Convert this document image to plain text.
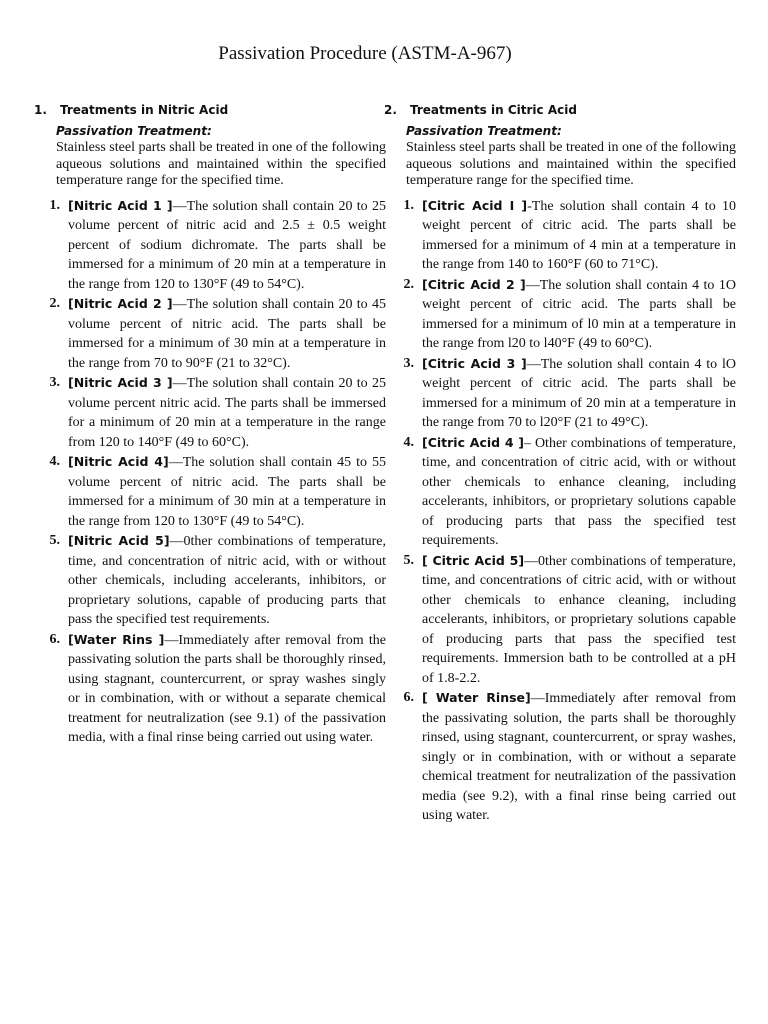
Passivation Procedure (ASTM-A-967)
1. Treatments in Nitric Acid
Passivation Treatment:
Stainless steel parts shall be treated in one of the following aqueous solutions and maintained within the specified temperature range for the specified time.
1. [Nitric Acid 1 ]—The solution shall contain 20 to 25 volume percent of nitric acid and 2.5 ± 0.5 weight percent of sodium dichromate. The parts shall be immersed for a minimum of 20 min at a temperature in the range from 120 to 130°F (49 to 54°C).
2. [Nitric Acid 2 ]—The solution shall contain 20 to 45 volume percent of nitric acid. The parts shall be immersed for a minimum of 30 min at a temperature in the range from 70 to 90°F (21 to 32°C).
3. [Nitric Acid 3 ]—The solution shall contain 20 to 25 volume percent nitric acid. The parts shall be immersed for a minimum of 20 min at a temperature in the range from 120 to 140°F (49 to 60°C).
4. [Nitric Acid 4]—The solution shall contain 45 to 55 volume percent of nitric acid. The parts shall be immersed for a minimum of 30 min at a temperature in the range from 120 to 130°F (49 to 54°C).
5. [Nitric Acid 5]—0ther combinations of temperature, time, and concentration of nitric acid, with or without other chemicals, including accelerants, inhibitors, or proprietary solutions, capable of producing parts that pass the specified test requirements.
6. [Water Rins ]—Immediately after removal from the passivating solution the parts shall be thoroughly rinsed, using stagnant, countercurrent, or spray washes singly or in combination, with or without a separate chemical treatment for neutralization (see 9.1) of the passivation media, with a final rinse being carried out using water.
2. Treatments in Citric Acid
Passivation Treatment:
Stainless steel parts shall be treated in one of the following aqueous solutions and maintained within the specified temperature range for the specified time.
1. [Citric Acid I ]-The solution shall contain 4 to 10 weight percent of citric acid. The parts shall be immersed for a minimum of 4 min at a temperature in the range from 140 to 160°F (60 to 71°C).
2. [Citric Acid 2 ]—The solution shall contain 4 to 1O weight percent of citric acid. The parts shall be immersed for a minimum of l0 min at a temperature in the range from l20 to l40°F (49 to 60°C).
3. [Citric Acid 3 ]—The solution shall contain 4 to lO weight percent of citric acid. The parts shall be immersed for a minimum of 20 min at a temperature in the range from 70 to l20°F (21 to 49°C).
4. [Citric Acid 4 ]– Other combinations of temperature, time, and concentration of citric acid, with or without other chemicals to enhance cleaning, including accelerants, inhibitors, or proprietary solutions capable of producing parts that pass the specified test requirements.
5. [ Citric Acid 5]—0ther combinations of temperature, time, and concentrations of citric acid, with or without other chemicals to enhance cleaning, including accelerants, inhibitors, or proprietary solutions capable of producing parts that pass the specified test requirements. Immersion bath to be controlled at a pH of 1.8-2.2.
6. [ Water Rinse]—Immediately after removal from the passivating solution, the parts shall be thoroughly rinsed, using stagnant, countercurrent, or spray washes, singly or in combination, with or without a separate chemical treatment for neutralization of the passivation media (see 9.2), with a final rinse being carried out using water.
